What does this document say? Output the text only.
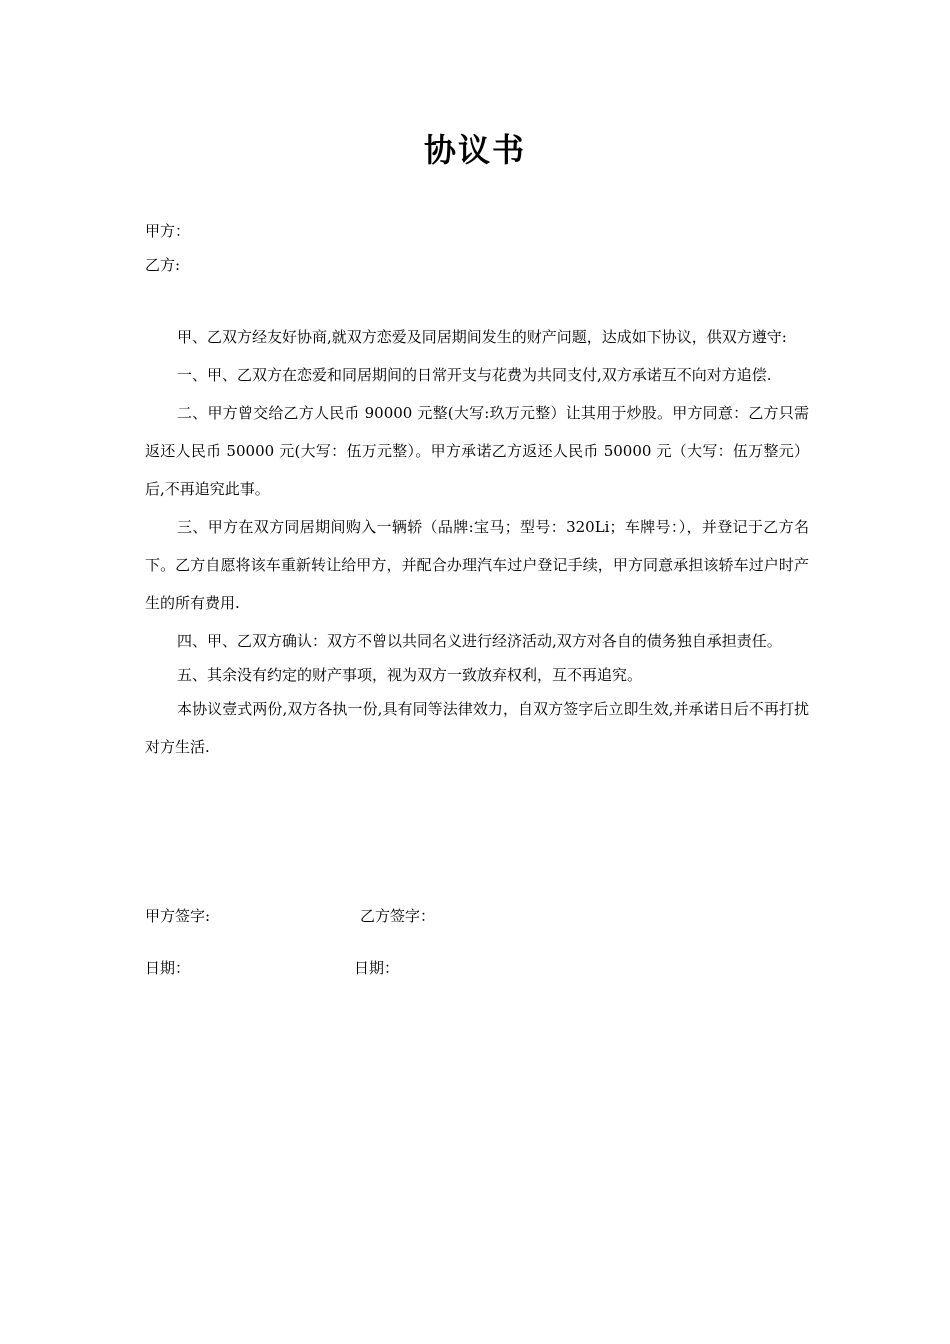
协议书
甲方：
乙方:

甲、乙双方经友好协商,就双方恋爱及同居期间发生的财产问题，达成如下协议，供双方遵守:

一、甲、乙双方在恋爱和同居期间的日常开支与花费为共同支付,双方承诺互不向对方追偿.

二、甲方曾交给乙方人民币 90000 元整(大写:玖万元整）让其用于炒股。甲方同意：乙方只需返还人民币 50000 元(大写：伍万元整）。甲方承诺乙方返还人民币 50000 元（大写：伍万整元）后,不再追究此事。

三、甲方在双方同居期间购入一辆轿（品牌:宝马；型号：320Li；车牌号：），并登记于乙方名下。乙方自愿将该车重新转让给甲方，并配合办理汽车过户登记手续，甲方同意承担该轿车过户时产生的所有费用.

四、甲、乙双方确认：双方不曾以共同名义进行经济活动,双方对各自的债务独自承担责任。

五、其余没有约定的财产事项，视为双方一致放弃权利，互不再追究。

本协议壹式两份,双方各执一份,具有同等法律效力，自双方签字后立即生效,并承诺日后不再打扰对方生活.

甲方签字:	乙方签字：
日期：	日期：
